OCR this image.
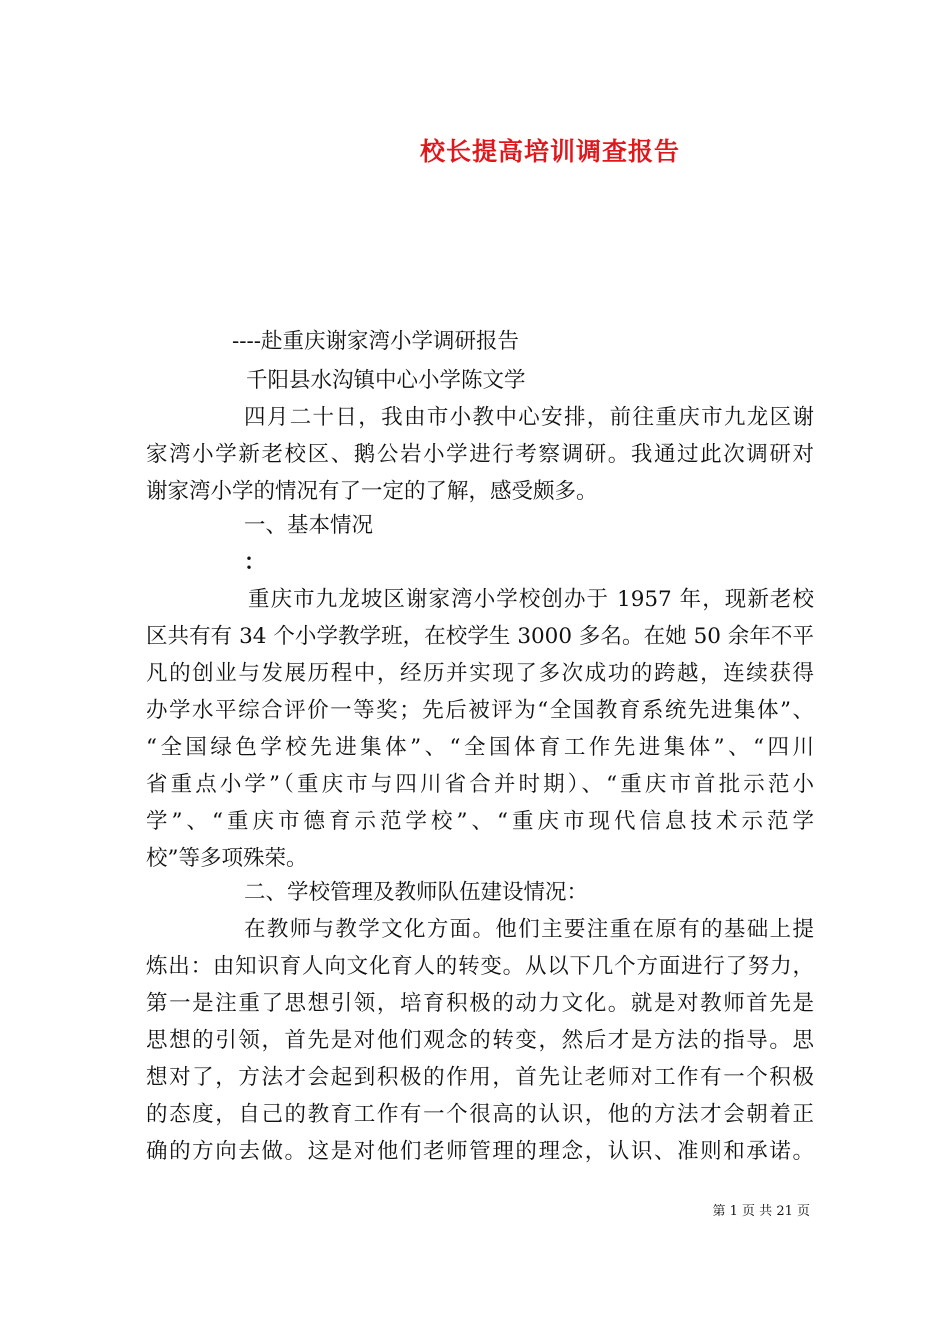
校长提高培训调查报告
----赴重庆谢家湾小学调研报告
千阳县水沟镇中心小学陈文学
四月二十日，我由市小教中心安排，前往重庆市九龙区谢
家湾小学新老校区、鹅公岩小学进行考察调研。我通过此次调研对
谢家湾小学的情况有了一定的了解，感受颇多。
一、基本情况
：
重庆市九龙坡区谢家湾小学校创办于 1957 年，现新老校
区共有有 34 个小学教学班，在校学生 3000 多名。在她 50 余年不平
凡的创业与发展历程中，经历并实现了多次成功的跨越，连续获得
办学水平综合评价一等奖；先后被评为“全国教育系统先进集体”、
“全国绿色学校先进集体”、“全国体育工作先进集体”、“四川
省重点小学”（重庆市与四川省合并时期）、“重庆市首批示范小
学”、“重庆市德育示范学校”、“重庆市现代信息技术示范学
校”等多项殊荣。
二、学校管理及教师队伍建设情况：
在教师与教学文化方面。他们主要注重在原有的基础上提
炼出：由知识育人向文化育人的转变。从以下几个方面进行了努力，
第一是注重了思想引领，培育积极的动力文化。就是对教师首先是
思想的引领，首先是对他们观念的转变，然后才是方法的指导。思
想对了，方法才会起到积极的作用，首先让老师对工作有一个积极
的态度，自己的教育工作有一个很高的认识，他的方法才会朝着正
确的方向去做。这是对他们老师管理的理念，认识、准则和承诺。
第 1 页 共 21 页
